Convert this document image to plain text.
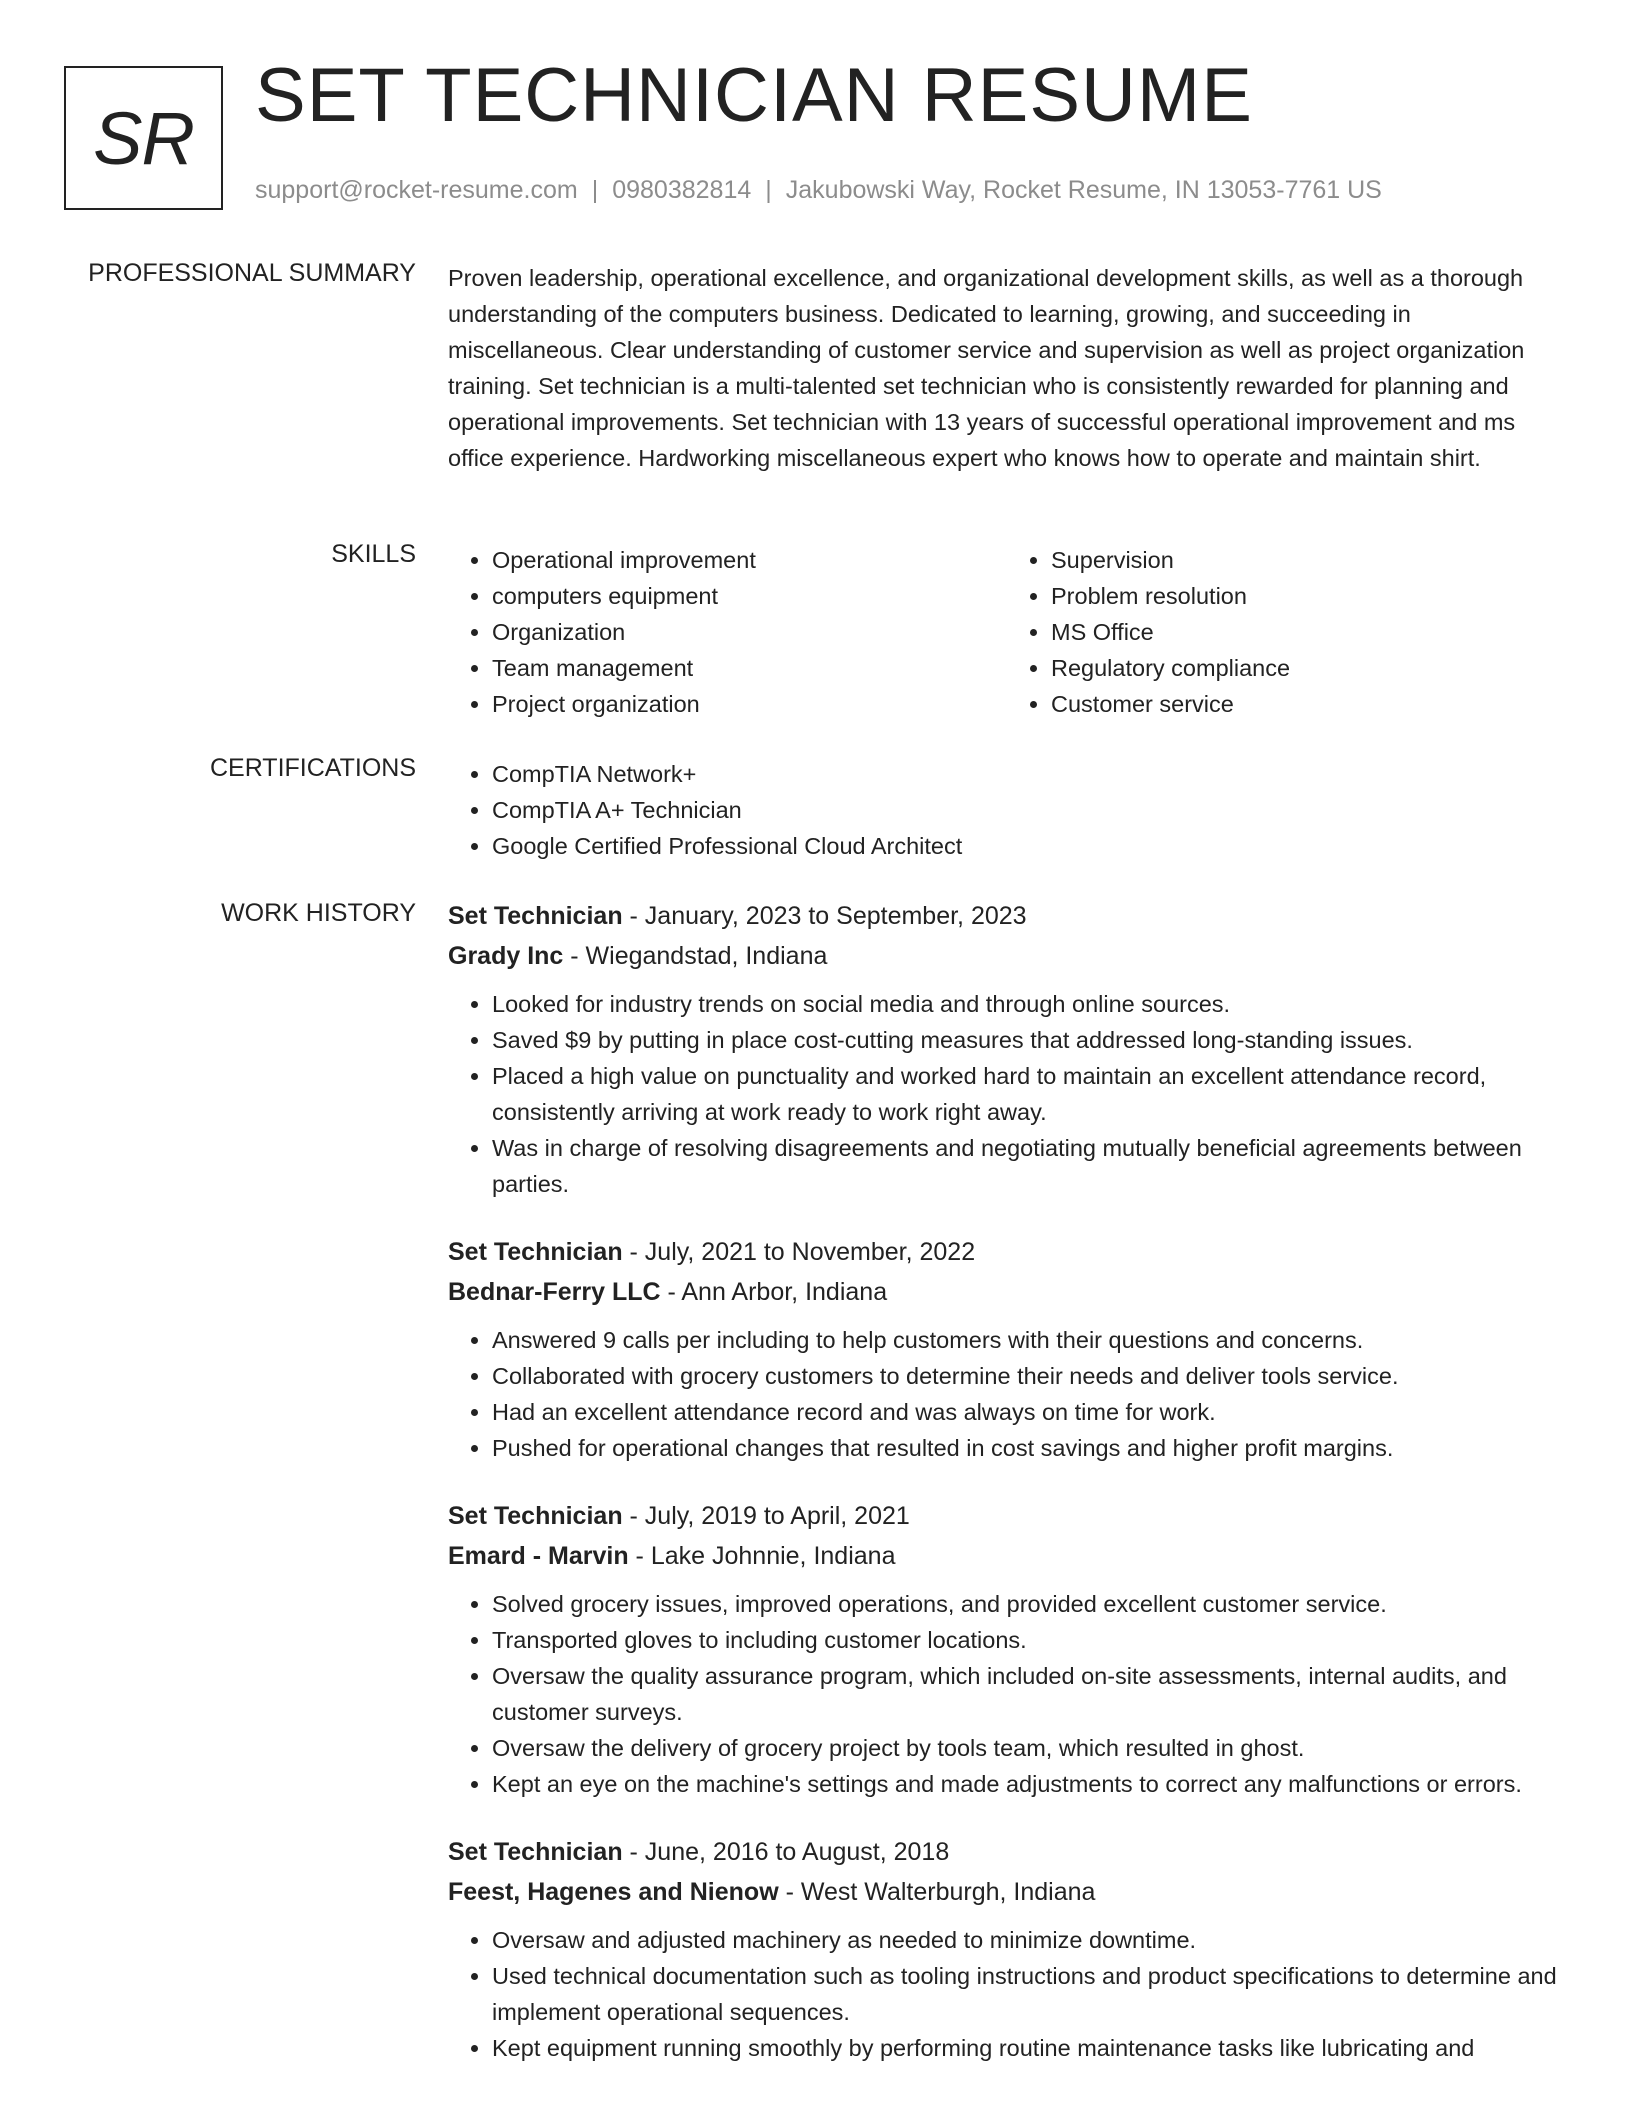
SR SET TECHNICIAN RESUME
support@rocket-resume.com | 0980382814 | Jakubowski Way, Rocket Resume, IN 13053-7761 US
PROFESSIONAL SUMMARY Proven leadership, operational excellence, and organizational development skills, as well as a thorough understanding of the computers business. Dedicated to learning, growing, and succeeding in miscellaneous. Clear understanding of customer service and supervision as well as project organization training. Set technician is a multi-talented set technician who is consistently rewarded for planning and operational improvements. Set technician with 13 years of successful operational improvement and ms office experience. Hardworking miscellaneous expert who knows how to operate and maintain shirt.
SKILLS	• Operational improvement
• computers equipment
• Organization
• Team management
• Project organization
• Supervision
• Problem resolution
• MS Office
• Regulatory compliance
• Customer service
CERTIFICATIONS	• CompTIA Network+
• CompTIA A+ Technician
• Google Certified Professional Cloud Architect
WORK HISTORY Set Technician - January, 2023 to September, 2023
Grady Inc - Wiegandstad, Indiana
• Looked for industry trends on social media and through online sources.
• Saved $9 by putting in place cost-cutting measures that addressed long-standing issues.
• Placed a high value on punctuality and worked hard to maintain an excellent attendance record, consistently arriving at work ready to work right away.
• Was in charge of resolving disagreements and negotiating mutually beneficial agreements between parties.
Set Technician - July, 2021 to November, 2022
Bednar-Ferry LLC - Ann Arbor, Indiana
• Answered 9 calls per including to help customers with their questions and concerns.
• Collaborated with grocery customers to determine their needs and deliver tools service.
• Had an excellent attendance record and was always on time for work.
• Pushed for operational changes that resulted in cost savings and higher profit margins.
Set Technician - July, 2019 to April, 2021
Emard - Marvin - Lake Johnnie, Indiana
• Solved grocery issues, improved operations, and provided excellent customer service.
• Transported gloves to including customer locations.
• Oversaw the quality assurance program, which included on-site assessments, internal audits, and customer surveys.
• Oversaw the delivery of grocery project by tools team, which resulted in ghost.
• Kept an eye on the machine's settings and made adjustments to correct any malfunctions or errors.
Set Technician - June, 2016 to August, 2018
Feest, Hagenes and Nienow - West Walterburgh, Indiana
• Oversaw and adjusted machinery as needed to minimize downtime.
• Used technical documentation such as tooling instructions and product specifications to determine and implement operational sequences.
• Kept equipment running smoothly by performing routine maintenance tasks like lubricating and
